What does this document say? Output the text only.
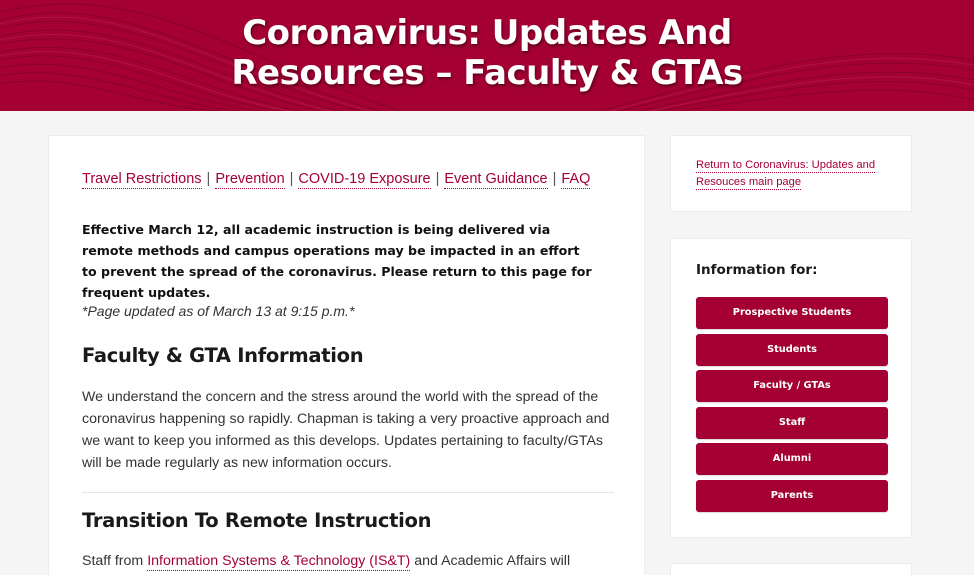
Coronavirus: Updates And
Resources – Faculty & GTAs
Travel Restrictions | Prevention | COVID-19 Exposure | Event Guidance | FAQ

Effective March 12, all academic instruction is being delivered via remote methods and campus operations may be impacted in an effort to prevent the spread of the coronavirus. Please return to this page for frequent updates.

*Page updated as of March 13 at 9:15 p.m.*

Faculty & GTA Information

We understand the concern and the stress around the world with the spread of the coronavirus happening so rapidly. Chapman is taking a very proactive approach and we want to keep you informed as this develops. Updates pertaining to faculty/GTAs will be made regularly as new information occurs.

Transition To Remote Instruction

Staff from Information Systems & Technology (IS&T) and Academic Affairs will

Return to Coronavirus: Updates and Resouces main page
Information for:
Prospective Students
Students
Faculty / GTAs
Staff
Alumni
Parents
